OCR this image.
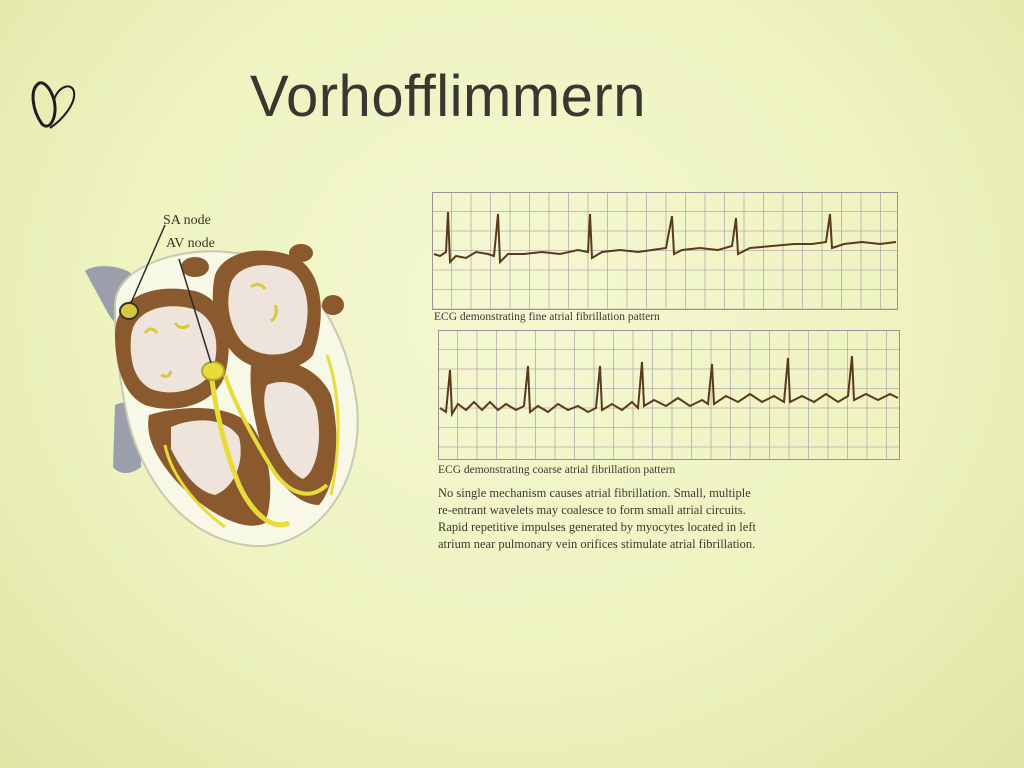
Vorhofflimmern
SA node
AV node
ECG demonstrating fine atrial fibrillation pattern
ECG demonstrating coarse atrial fibrillation pattern
No single mechanism causes atrial fibrillation. Small, multiple
re-entrant wavelets may coalesce to form small atrial circuits.
Rapid repetitive impulses generated by myocytes located in left
atrium near pulmonary vein orifices stimulate atrial fibrillation.
